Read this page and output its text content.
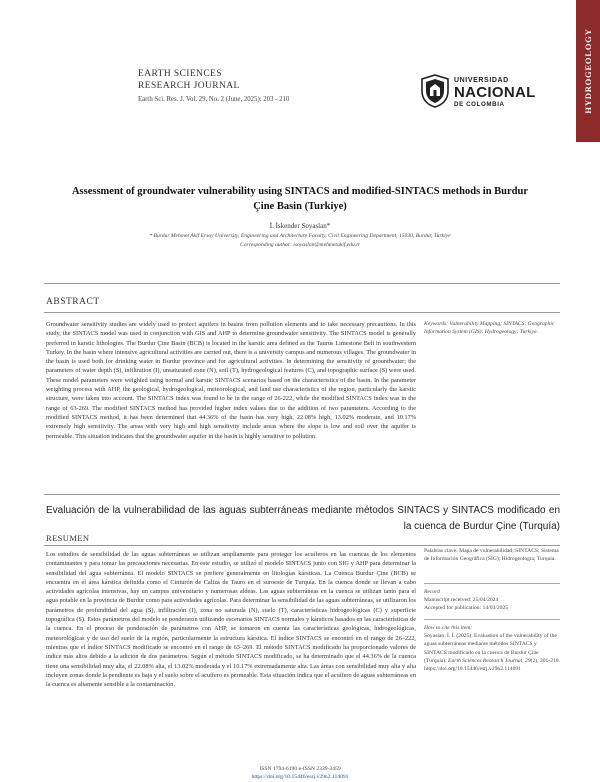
HYDROGEOLOGY
EARTH SCIENCES
RESEARCH JOURNAL
Earth Sci. Res. J. Vol. 29, No. 2 (June, 2025): 203 - 210
UNIVERSIDAD
NACIONAL
DE COLOMBIA
Assessment of groundwater vulnerability using SINTACS and modified-SINTACS methods in Burdur Çine Basin (Turkiye)
İ. İskender Soyaslan*
* Burdur Mehmet Akif Ersoy University, Engineering and Architecture Faculty, Civil Engineering Department, 15030, Burdur, Turkiye
Corresponding author: isoyaslan@mehmetakif.edu.tr
ABSTRACT
Groundwater sensitivity studies are widely used to protect aquifers in basins from pollution elements and to take necessary precautions. In this study, the SINTACS model was used in conjunction with GIS and AHP to determine groundwater sensitivity. The SINTACS model is generally preferred in karstic lithologies. The Burdur Çine Basin (BCB) is located in the karstic area defined as the Taurus Limestone Belt in southwestern Turkey. In the basin where intensive agricultural activities are carried out, there is a university campus and numerous villages. The groundwater in the basin is used both for drinking water in Burdur province and for agricultural activities. In determining the sensitivity of groundwater; the parameters of water depth (S), infiltration (I), unsaturated zone (N), soil (T), hydrogeological features (C), and topographic surface (S) were used. These model parameters were weighted using normal and karstic SINTACS scenarios based on the characteristics of the basin. In the parameter weighting process with AHP, the geological, hydrogeological, meteorological, and land use characteristics of the region, particularly the karstic structure, were taken into account. The SINTACS index was found to be in the range of 26-222, while the modified SINTACS index was in the range of 63-269. The modified SINTACS method has provided higher index values due to the addition of two parameters. According to the modified SINTACS method, it has been determined that 44.36% of the basin has very high, 22.08% high, 13.02% moderate, and 10.17% extremely high sensitivity. The areas with very high and high sensitivity include areas where the slope is low and soil over the aquifer is permeable. This situation indicates that the groundwater aquifer in the basin is highly sensitive to pollution.
Keywords: Vulnerability Mapping; SINTACS; Geographic Information System (GIS); Hydrogeology; Turkiye.
Evaluación de la vulnerabilidad de las aguas subterráneas mediante métodos SINTACS y SINTACS modificado en la cuenca de Burdur Çine (Turquía)
RESUMEN
Los estudios de sensibilidad de las aguas subterráneas se utilizan ampliamente para proteger los acuíferos en las cuencas de los elementos contaminantes y para tomar las precauciones necesarias. En este estudio, se utilizó el modelo SINTACS junto con SIG y AHP para determinar la sensibilidad del agua subterránea. El modelo SINTACS se prefiere generalmente en litologías kársticas. La Cuenca Burdur Çine (BCB) se encuentra en el área kárstica definida como el Cinturón de Caliza de Tauro en el suroeste de Turquía. En la cuenca donde se llevan a cabo actividades agrícolas intensivas, hay un campus universitario y numerosas aldeas. Las aguas subterráneas en la cuenca se utilizan tanto para el agua potable en la provincia de Burdur como para actividades agrícolas. Para determinar la sensibilidad de las aguas subterráneas, se utilizaron los parámetros de profundidad del agua (S), infiltración (I), zona no saturada (N), suelo (T), características hidrogeológicas (C) y superficie topográfica (S). Estos parámetros del modelo se ponderaron utilizando escenarios SINTACS normales y kársticos basados en las características de la cuenca. En el proceso de ponderación de parámetros con AHP, se tomaron en cuenta las características geológicas, hidrogeológicas, meteorológicas y de uso del suelo de la región, particularmente la estructura kárstica. El índice SINTACS se encontró en el rango de 26–222, mientras que el índice SINTACS modificado se encontró en el rango de 63–269. El método SINTACS modificado ha proporcionado valores de índice más altos debido a la adición de dos parámetros. Según el método SINTACS modificado, se ha determinado que el 44.36% de la cuenca tiene una sensibilidad muy alta, el 22.08% alta, el 13.02% moderada y el 10.17% extremadamente alta. Las áreas con sensibilidad muy alta y alta incluyen zonas donde la pendiente es baja y el suelo sobre el acuífero es permeable. Esta situación indica que el acuífero de aguas subterráneas en la cuenca es altamente sensible a la contaminación.
Palabras clave: Mapa de vulnerabilidad; SINTACS; Sistema de Información Geográfica (SIG); Hidrogeología; Turquía.
Record
Manuscript received: 25/04/2024
Accepted for publication: 14/03/2025
How to cite this item:
Soyaslan, İ. İ. (2025). Evaluation of the vulnerability of the aguas subterráneas mediante métodos SINTACS y SINTACS modificado en la cuenca de Burdur Çine (Turquía). Earth Sciences Research Journal, 29(2), 201-210. https://doi.org/10.15446/esrj.v29n2.114091
ISSN 1794-6190 e-ISSN 2339-3459
https://doi.org/10.15446/esrj.v29n2.114091
